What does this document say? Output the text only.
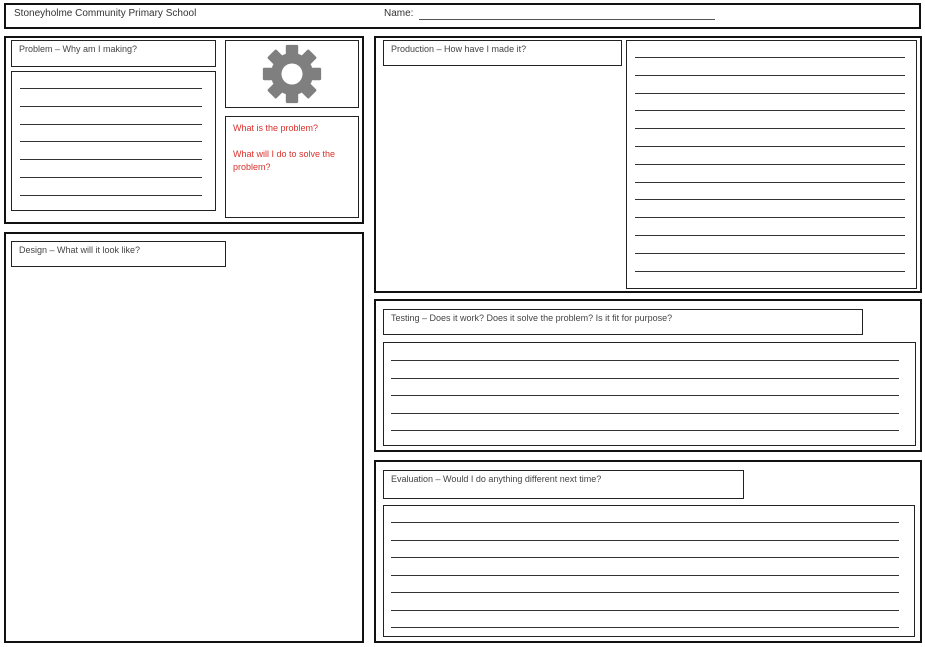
Stoneyholme Community Primary School	Name:
Problem – Why am I making?
What is the problem?
What will I do to solve the problem?
Design – What will it look like?
Production – How have I made it?
Testing – Does it work? Does it solve the problem? Is it fit for purpose?
Evaluation – Would I do anything different next time?
